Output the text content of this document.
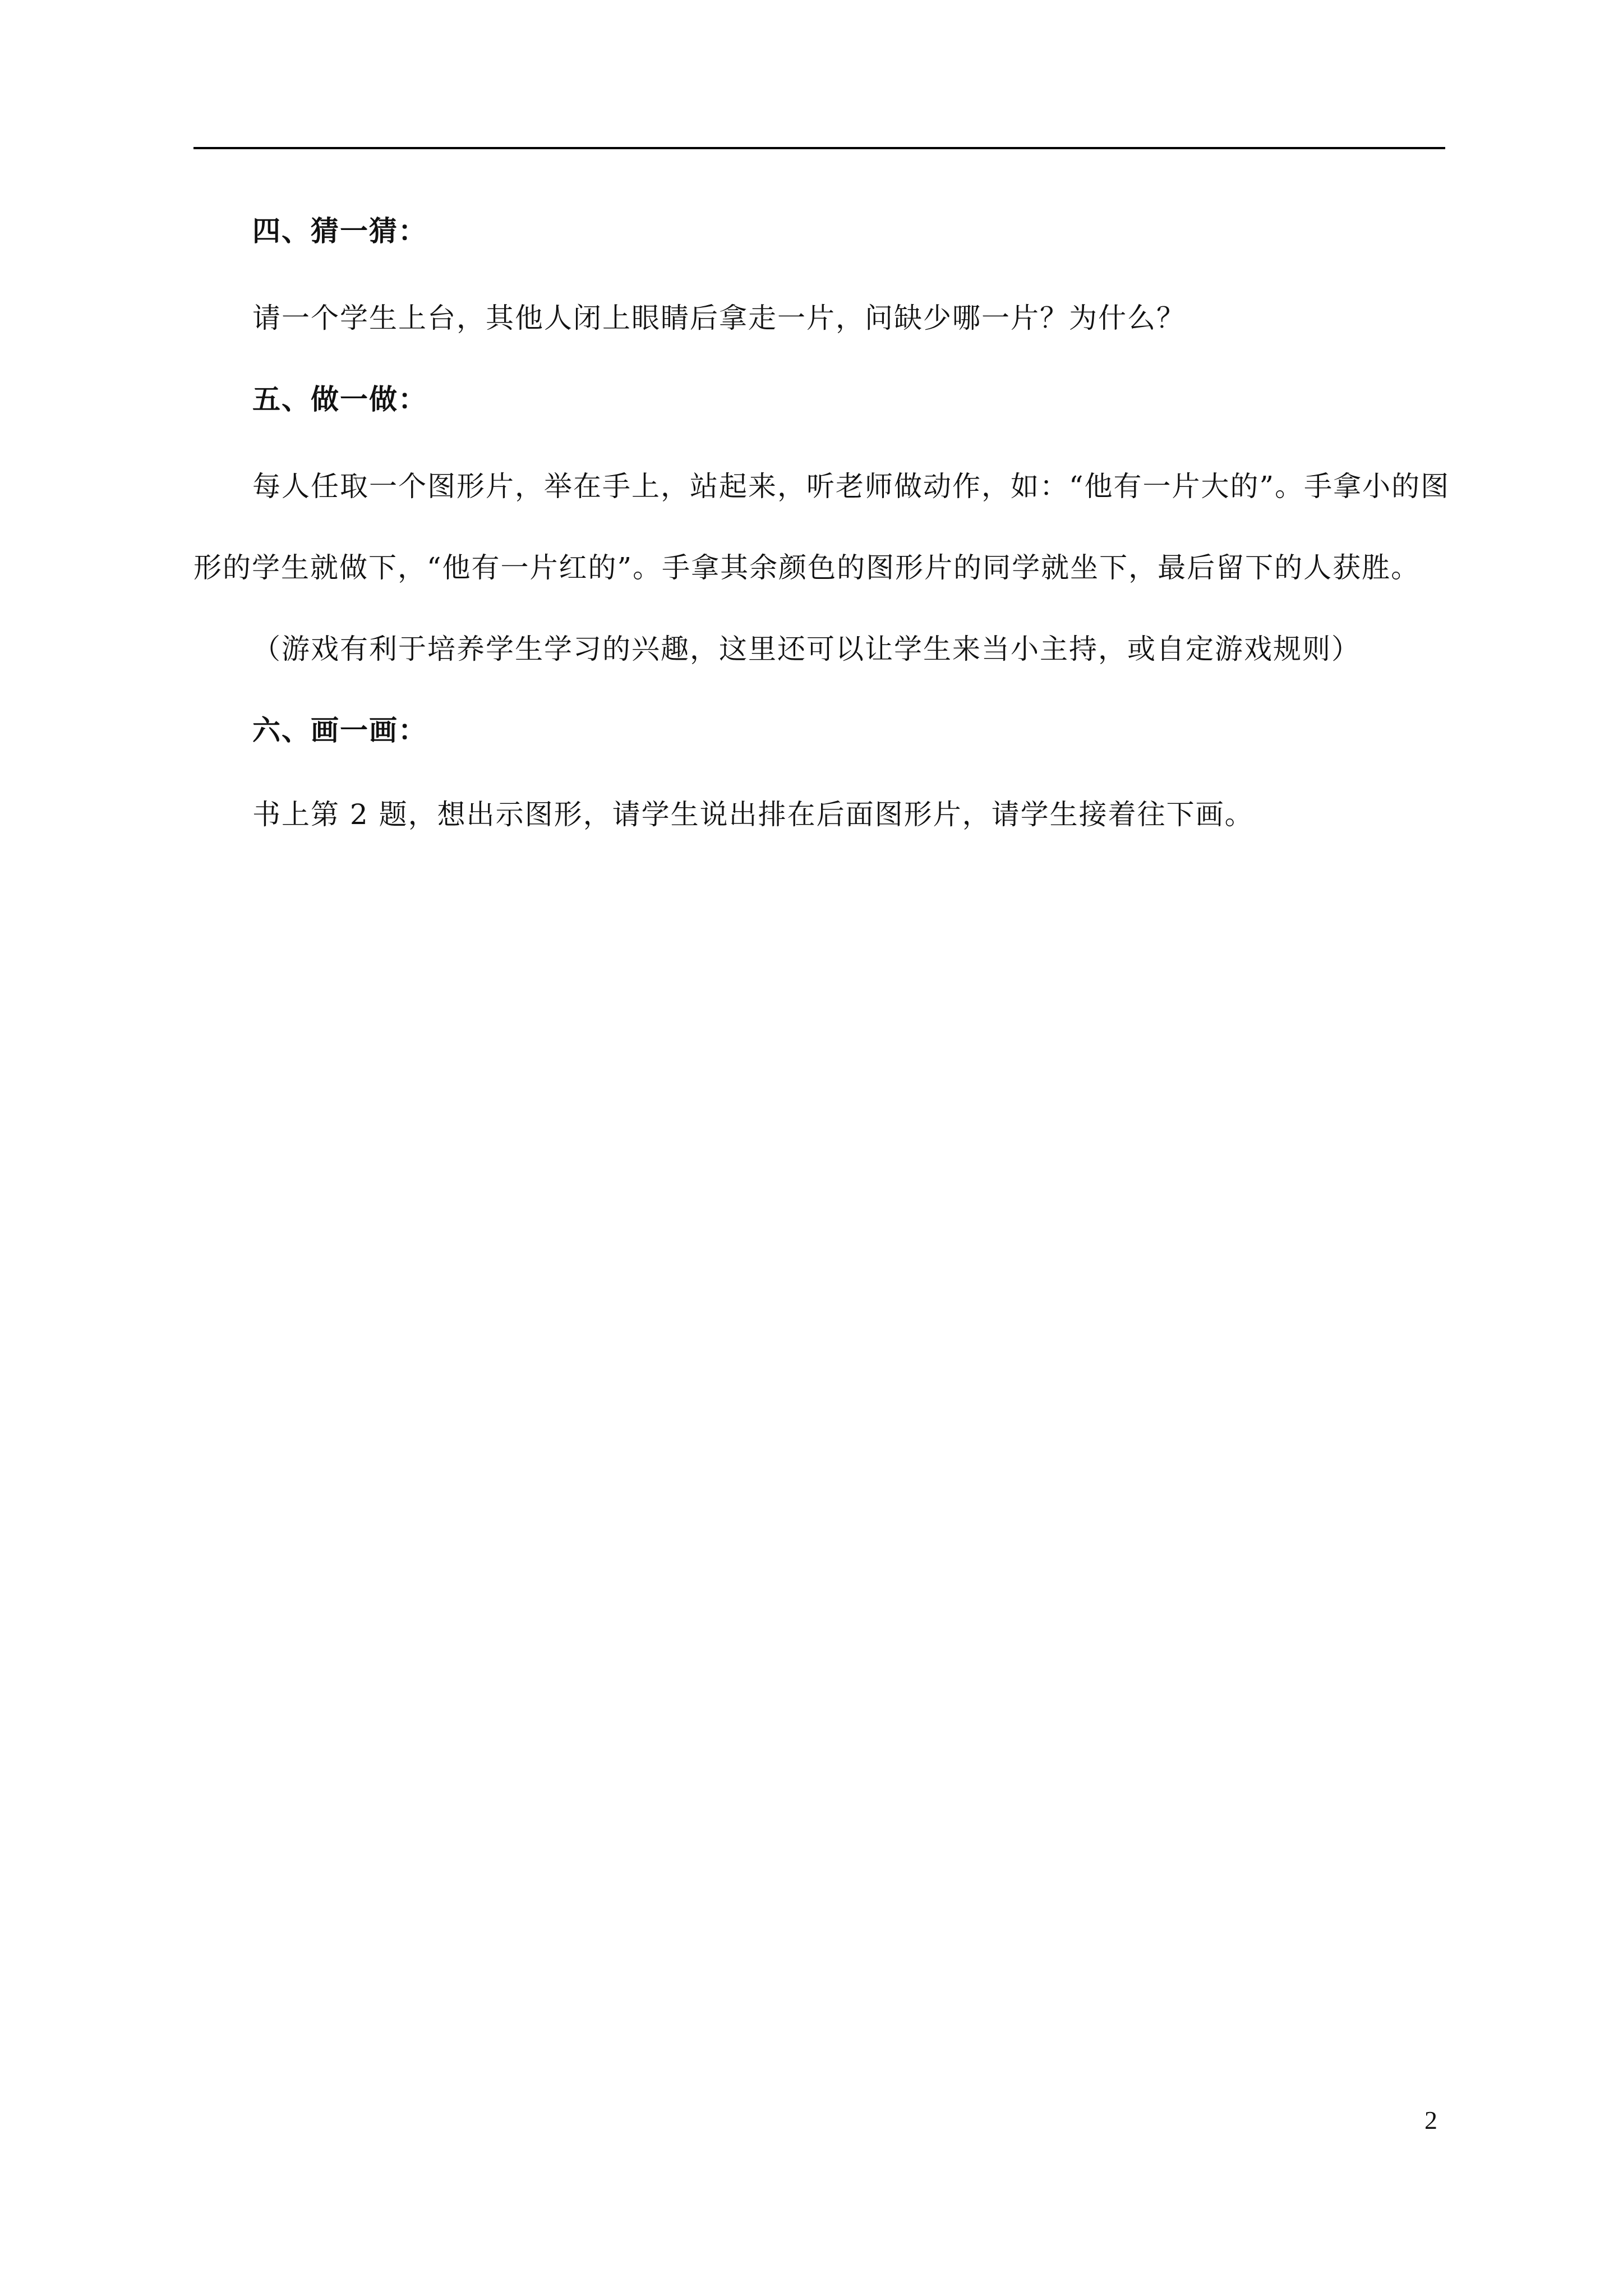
四、猜一猜：
请一个学生上台，其他人闭上眼睛后拿走一片，问缺少哪一片？为什么？
五、做一做：
每人任取一个图形片，举在手上，站起来，听老师做动作，如：“他有一片大的”。手拿小的图
形的学生就做下，“他有一片红的”。手拿其余颜色的图形片的同学就坐下，最后留下的人获胜。
（游戏有利于培养学生学习的兴趣，这里还可以让学生来当小主持，或自定游戏规则）
六、画一画：
书上第 2 题，想出示图形，请学生说出排在后面图形片，请学生接着往下画。
2
